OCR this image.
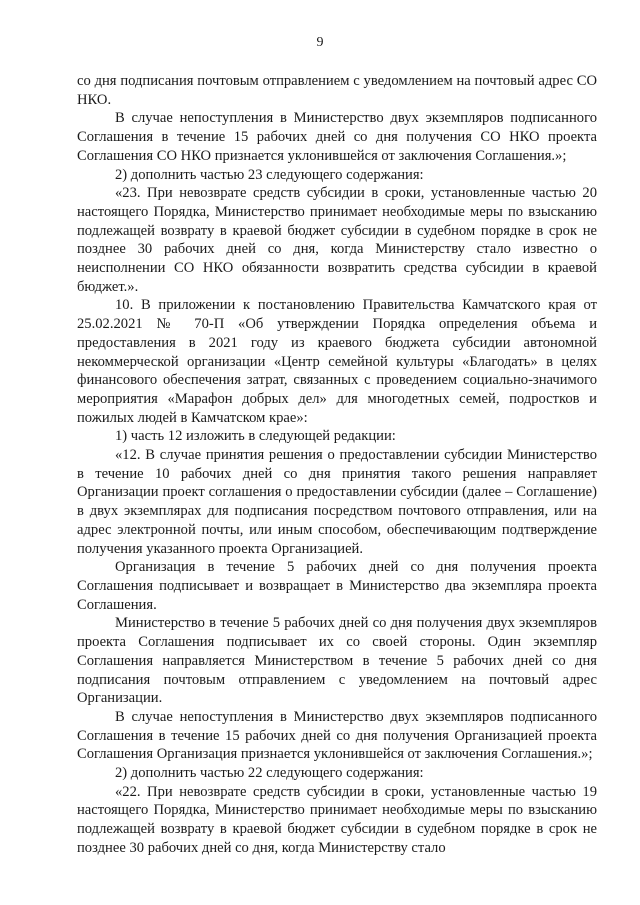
9

со дня подписания почтовым отправлением с уведомлением на почтовый адрес СО НКО.

В случае непоступления в Министерство двух экземпляров подписанного Соглашения в течение 15 рабочих дней со дня получения СО НКО проекта Соглашения СО НКО признается уклонившейся от заключения Соглашения.»;

2) дополнить частью 23 следующего содержания:

«23. При невозврате средств субсидии в сроки, установленные частью 20 настоящего Порядка, Министерство принимает необходимые меры по взысканию подлежащей возврату в краевой бюджет субсидии в судебном порядке в срок не позднее 30 рабочих дней со дня, когда Министерству стало известно о неисполнении СО НКО обязанности возвратить средства субсидии в краевой бюджет.».

10. В приложении к постановлению Правительства Камчатского края от 25.02.2021 № 70-П «Об утверждении Порядка определения объема и предоставления в 2021 году из краевого бюджета субсидии автономной некоммерческой организации «Центр семейной культуры «Благодать» в целях финансового обеспечения затрат, связанных с проведением социально-значимого мероприятия «Марафон добрых дел» для многодетных семей, подростков и пожилых людей в Камчатском крае»:

1) часть 12 изложить в следующей редакции:

«12. В случае принятия решения о предоставлении субсидии Министерство в течение 10 рабочих дней со дня принятия такого решения направляет Организации проект соглашения о предоставлении субсидии (далее – Соглашение) в двух экземплярах для подписания посредством почтового отправления, или на адрес электронной почты, или иным способом, обеспечивающим подтверждение получения указанного проекта Организацией.

Организация в течение 5 рабочих дней со дня получения проекта Соглашения подписывает и возвращает в Министерство два экземпляра проекта Соглашения.

Министерство в течение 5 рабочих дней со дня получения двух экземпляров проекта Соглашения подписывает их со своей стороны. Один экземпляр Соглашения направляется Министерством в течение 5 рабочих дней со дня подписания почтовым отправлением с уведомлением на почтовый адрес Организации.

В случае непоступления в Министерство двух экземпляров подписанного Соглашения в течение 15 рабочих дней со дня получения Организацией проекта Соглашения Организация признается уклонившейся от заключения Соглашения.»;

2) дополнить частью 22 следующего содержания:

«22. При невозврате средств субсидии в сроки, установленные частью 19 настоящего Порядка, Министерство принимает необходимые меры по взысканию подлежащей возврату в краевой бюджет субсидии в судебном порядке в срок не позднее 30 рабочих дней со дня, когда Министерству стало
